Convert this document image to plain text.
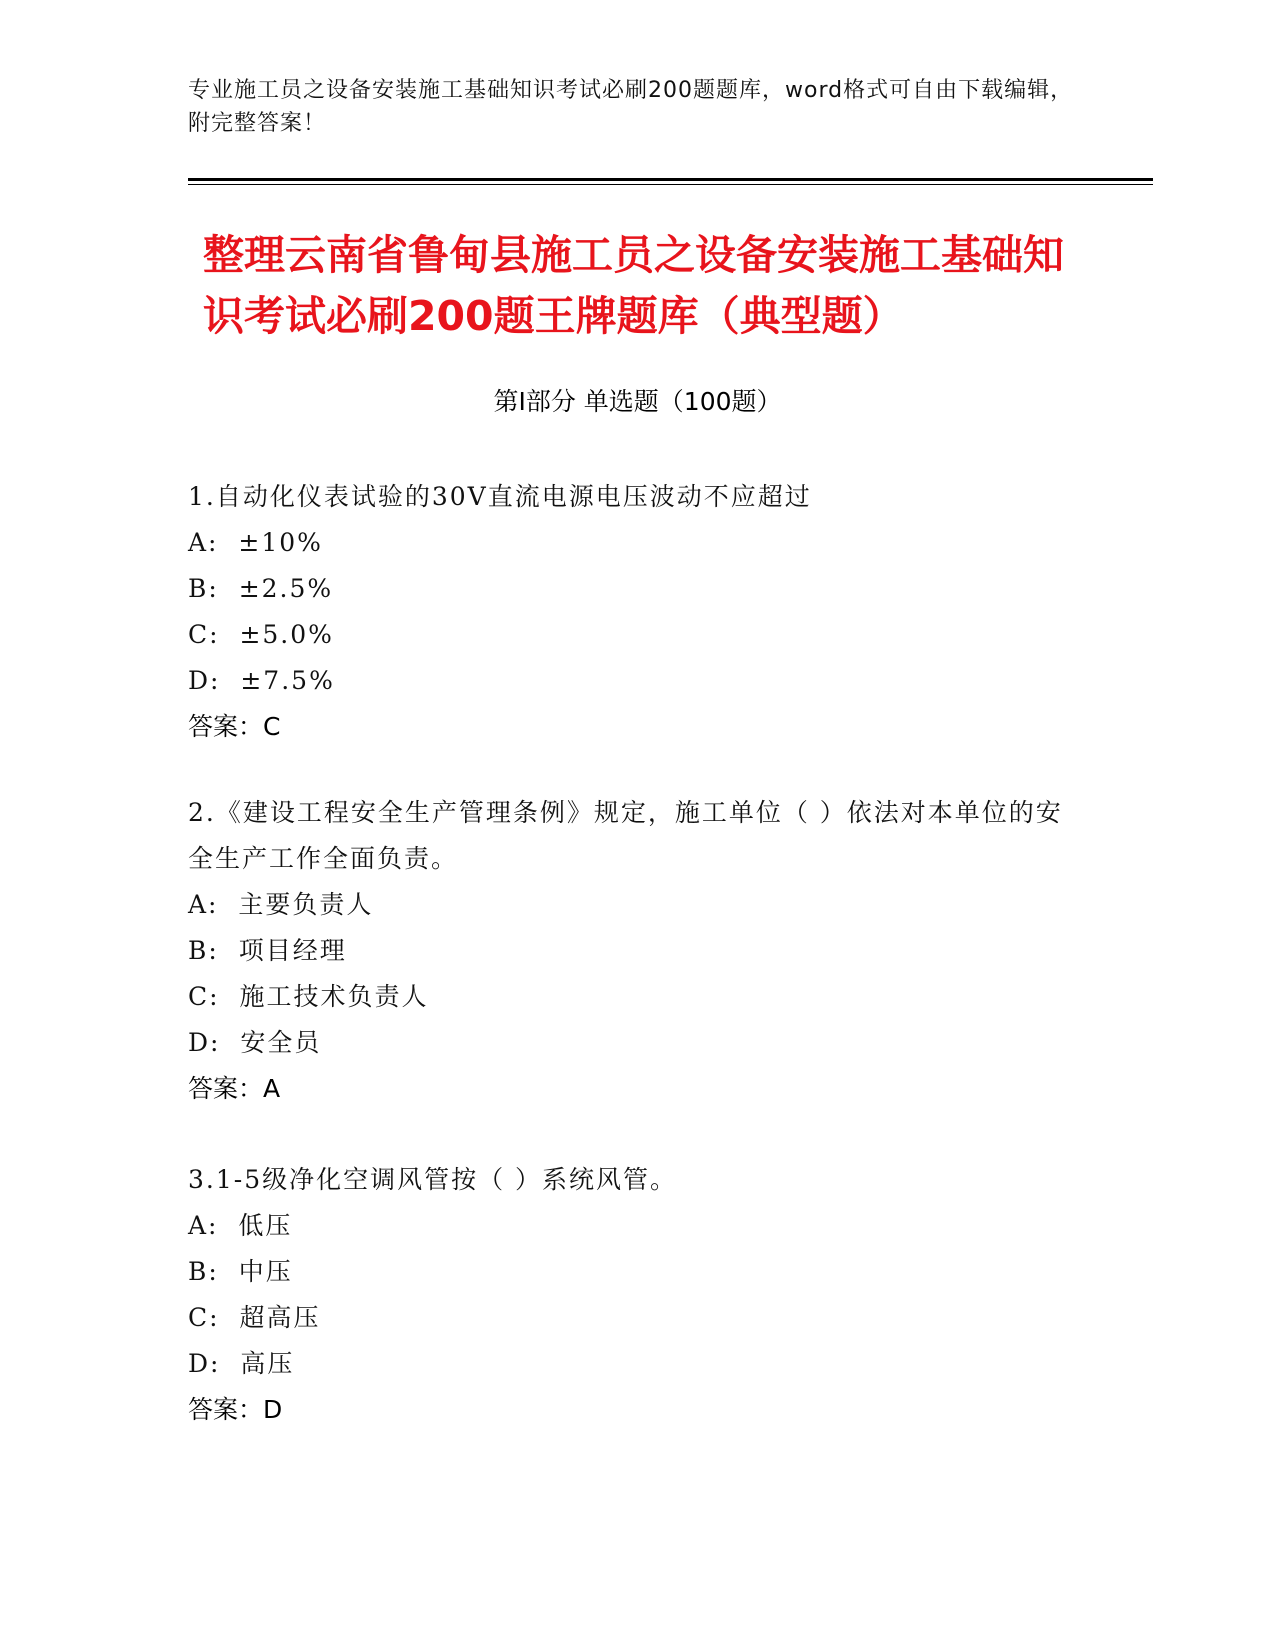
专业施工员之设备安装施工基础知识考试必刷200题题库，word格式可自由下载编辑，附完整答案！
整理云南省鲁甸县施工员之设备安装施工基础知识考试必刷200题王牌题库（典型题）
第Ⅰ部分 单选题（100题）

1.自动化仪表试验的30V直流电源电压波动不应超过

A:  ±10%

B:  ±2.5%

C:  ±5.0%

D:  ±7.5%

答案：C

2.《建设工程安全生产管理条例》规定，施工单位（ ）依法对本单位的安全生产工作全面负责。

A:  主要负责人

B:  项目经理

C:  施工技术负责人

D:  安全员

答案：A

3.1-5级净化空调风管按（ ）系统风管。

A:  低压

B:  中压

C:  超高压

D:  高压

答案：D
